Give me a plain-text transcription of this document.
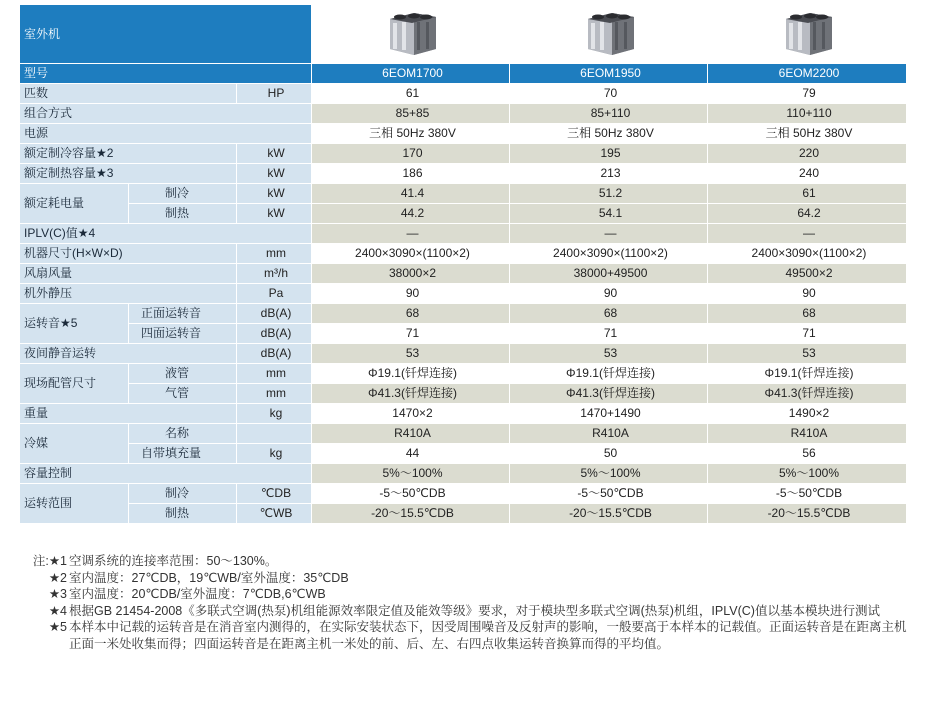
室外机			
型号			6EOM1700	6EOM1950	6EOM2200
匹数		HP	61	70	79
组合方式			85+85	85+110	110+110
电源			三相 50Hz 380V	三相 50Hz 380V	三相 50Hz 380V
额定制冷容量★2		kW	170	195	220
额定制热容量★3		kW	186	213	240
额定耗电量	制冷	kW	41.4	51.2	61
	制热	kW	44.2	54.1	64.2
IPLV(C)值★4			—	—	—
机器尺寸(H×W×D)		mm	2400×3090×(1100×2)	2400×3090×(1100×2)	2400×3090×(1100×2)
风扇风量		m³/h	38000×2	38000+49500	49500×2
机外静压		Pa	90	90	90
运转音★5	正面运转音	dB(A)	68	68	68
	四面运转音	dB(A)	71	71	71
夜间静音运转		dB(A)	53	53	53
现场配管尺寸	液管	mm	Φ19.1(钎焊连接)	Φ19.1(钎焊连接)	Φ19.1(钎焊连接)
	气管	mm	Φ41.3(钎焊连接)	Φ41.3(钎焊连接)	Φ41.3(钎焊连接)
重量		kg	1470×2	1470+1490	1490×2
冷媒	名称		R410A	R410A	R410A
	自带填充量	kg	44	50	56
容量控制			5%～100%	5%～100%	5%～100%
运转范围	制冷	℃DB	-5～50℃DB	-5～50℃DB	-5～50℃DB
	制热	℃WB	-20～15.5℃DB	-20～15.5℃DB	-20～15.5℃DB
注:★1 空调系统的连接率范围：50～130%。
★2 室内温度：27℃DB，19℃WB/室外温度：35℃DB
★3 室内温度：20℃DB/室外温度：7℃DB,6℃WB
★4 根据GB 21454-2008《多联式空调(热泵)机组能源效率限定值及能效等级》要求，对于模块型多联式空调(热泵)机组，IPLV(C)值以基本模块进行测试
★5 本样本中记载的运转音是在消音室内测得的，在实际安装状态下，因受周围噪音及反射声的影响，一般要高于本样本的记载值。正面运转音是在距离主机正面一米处收集而得；四面运转音是在距离主机一米处的前、后、左、右四点收集运转音换算而得的平均值。
